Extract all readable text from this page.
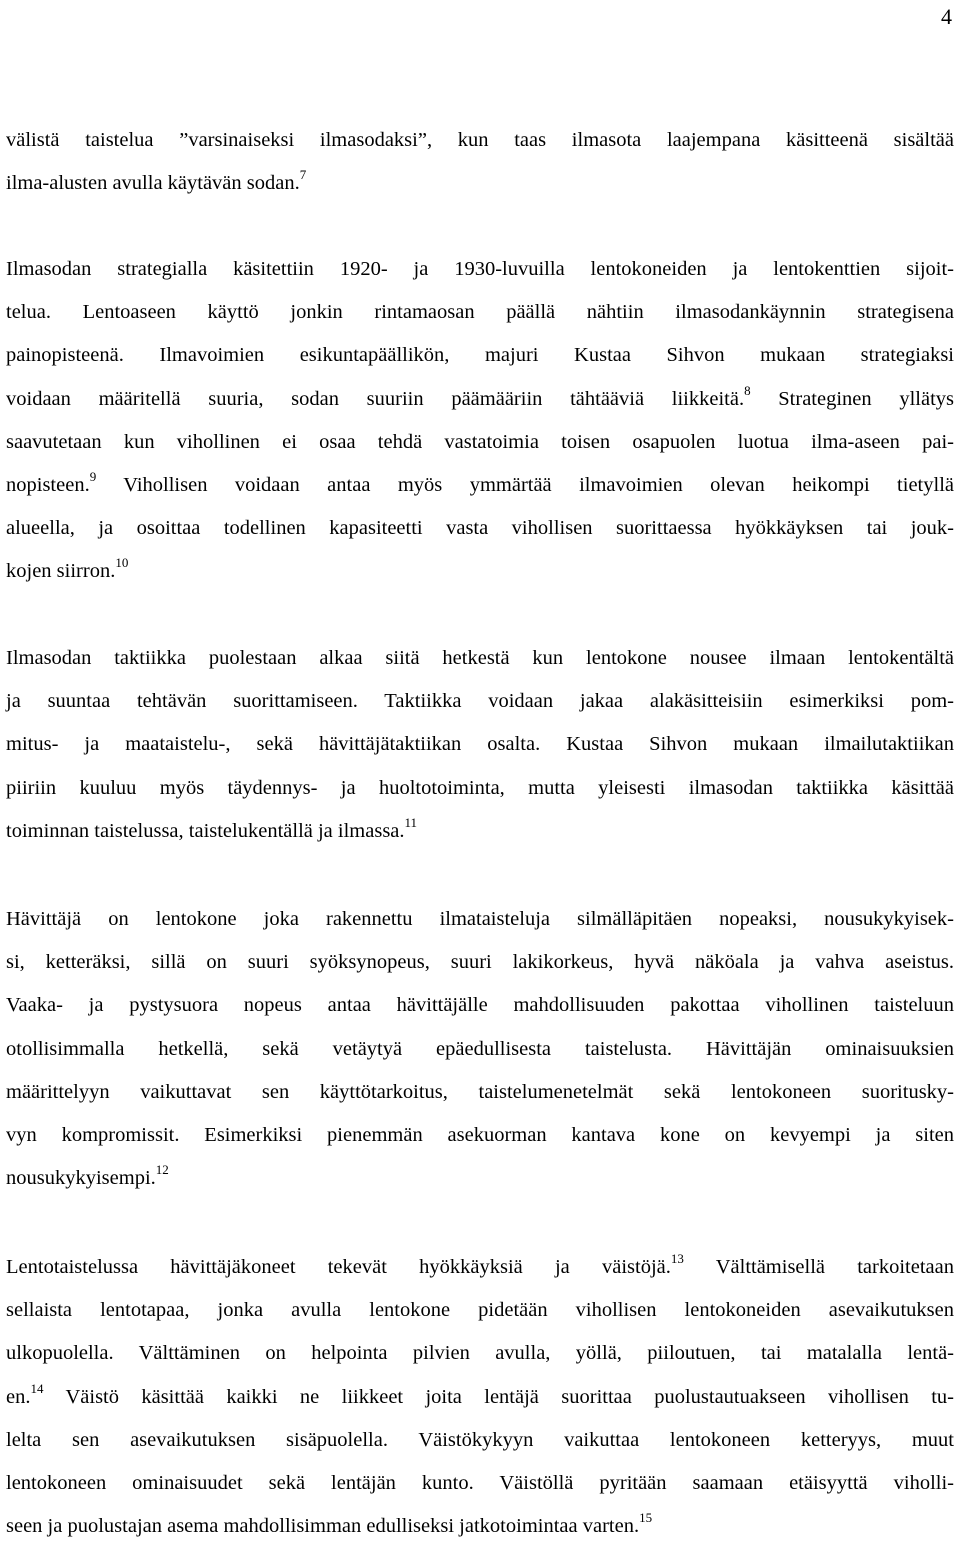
4
välistä taistelua ”varsinaiseksi ilmasodaksi”, kun taas ilmasota laajempana käsitteenä sisältää
ilma-alusten avulla käytävän sodan.$^7$
Ilmasodan strategialla käsitettiin 1920- ja 1930-luvuilla lentokoneiden ja lentokenttien sijoit-
telua. Lentoaseen käyttö jonkin rintamaosan päällä nähtiin ilmasodankäynnin strategisena
painopisteenä. Ilmavoimien esikuntapäällikön, majuri Kustaa Sihvon mukaan strategiaksi
voidaan määritellä suuria, sodan suuriin päämääriin tähtääviä liikkeitä.$^8$ Strateginen yllätys
saavutetaan kun vihollinen ei osaa tehdä vastatoimia toisen osapuolen luotua ilma-aseen pai-
nopisteen.$^9$ Vihollisen voidaan antaa myös ymmärtää ilmavoimien olevan heikompi tietyllä
alueella, ja osoittaa todellinen kapasiteetti vasta vihollisen suorittaessa hyökkäyksen tai jouk-
kojen siirron.$^{10}$
Ilmasodan taktiikka puolestaan alkaa siitä hetkestä kun lentokone nousee ilmaan lentokentältä
ja suuntaa tehtävän suorittamiseen. Taktiikka voidaan jakaa alakäsitteisiin esimerkiksi pom-
mitus- ja maataistelu-, sekä hävittäjätaktiikan osalta. Kustaa Sihvon mukaan ilmailutaktiikan
piiriin kuuluu myös täydennys- ja huoltotoiminta, mutta yleisesti ilmasodan taktiikka käsittää
toiminnan taistelussa, taistelukentällä ja ilmassa.$^{11}$
Hävittäjä on lentokone joka rakennettu ilmataisteluja silmälläpitäen nopeaksi, nousukykyisek-
si, ketteräksi, sillä on suuri syöksynopeus, suuri lakikorkeus, hyvä näköala ja vahva aseistus.
Vaaka- ja pystysuora nopeus antaa hävittäjälle mahdollisuuden pakottaa vihollinen taisteluun
otollisimmalla hetkellä, sekä vetäytyä epäedullisesta taistelusta. Hävittäjän ominaisuuksien
määrittelyyn vaikuttavat sen käyttötarkoitus, taistelumenetelmät sekä lentokoneen suoritusky-
vyn kompromissit. Esimerkiksi pienemmän asekuorman kantava kone on kevyempi ja siten
nousukykyisempi.$^{12}$
Lentotaistelussa hävittäjäkoneet tekevät hyökkäyksiä ja väistöjä.$^{13}$ Välttämisellä tarkoitetaan
sellaista lentotapaa, jonka avulla lentokone pidetään vihollisen lentokoneiden asevaikutuksen
ulkopuolella. Välttäminen on helpointa pilvien avulla, yöllä, piiloutuen, tai matalalla lentä-
en.$^{14}$ Väistö käsittää kaikki ne liikkeet joita lentäjä suorittaa puolustautuakseen vihollisen tu-
lelta sen asevaikutuksen sisäpuolella. Väistökykyyn vaikuttaa lentokoneen ketteryys, muut
lentokoneen ominaisuudet sekä lentäjän kunto. Väistöllä pyritään saamaan etäisyyttä viholli-
seen ja puolustajan asema mahdollisimman edulliseksi jatkotoimintaa varten.$^{15}$
